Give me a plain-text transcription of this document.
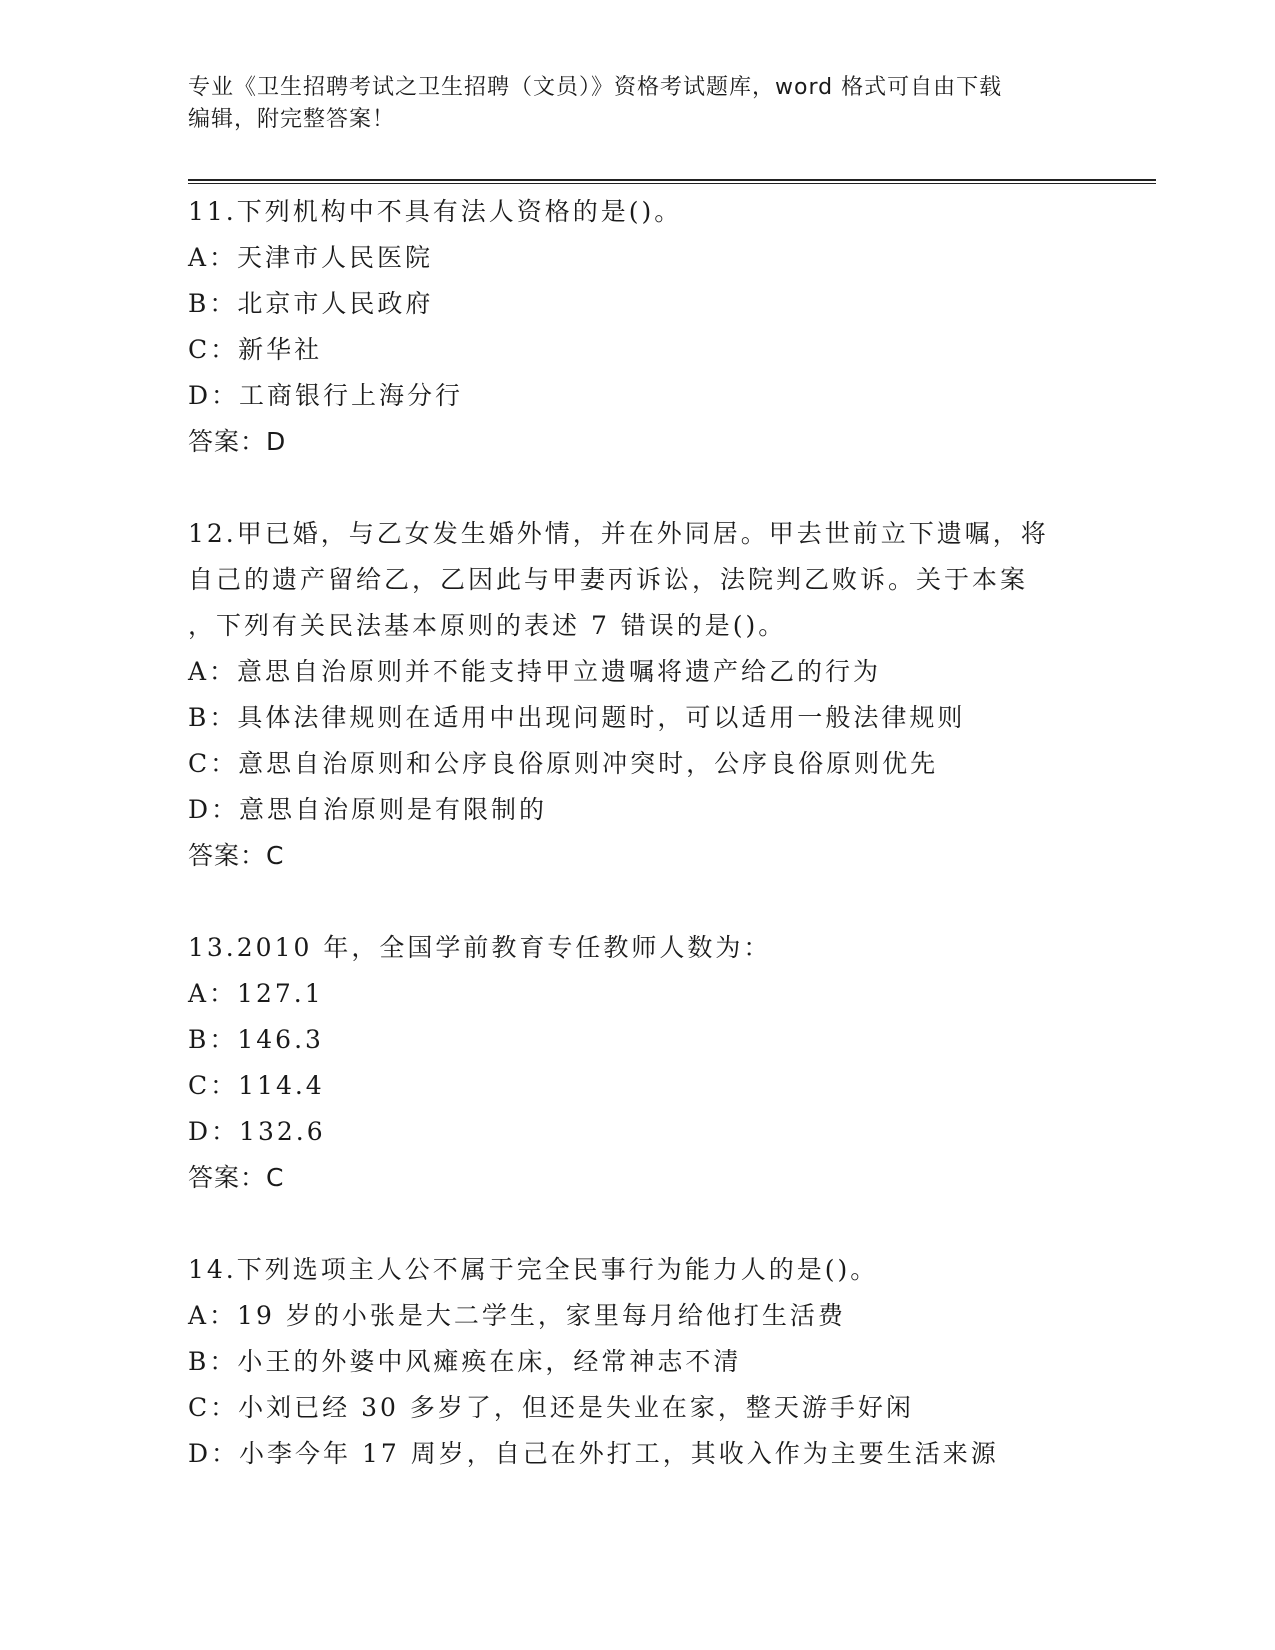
专业《卫生招聘考试之卫生招聘（文员）》资格考试题库，word 格式可自由下载
编辑，附完整答案！
11.下列机构中不具有法人资格的是()。
A：天津市人民医院
B：北京市人民政府
C：新华社
D：工商银行上海分行
答案：D
12.甲已婚，与乙女发生婚外情，并在外同居。甲去世前立下遗嘱，将
自己的遗产留给乙，乙因此与甲妻丙诉讼，法院判乙败诉。关于本案
，下列有关民法基本原则的表述 7 错误的是()。
A：意思自治原则并不能支持甲立遗嘱将遗产给乙的行为
B：具体法律规则在适用中出现问题时，可以适用一般法律规则
C：意思自治原则和公序良俗原则冲突时，公序良俗原则优先
D：意思自治原则是有限制的
答案：C
13.2010 年，全国学前教育专任教师人数为：
A：127.1
B：146.3
C：114.4
D：132.6
答案：C
14.下列选项主人公不属于完全民事行为能力人的是()。
A：19 岁的小张是大二学生，家里每月给他打生活费
B：小王的外婆中风瘫痪在床，经常神志不清
C：小刘已经 30 多岁了，但还是失业在家，整天游手好闲
D：小李今年 17 周岁，自己在外打工，其收入作为主要生活来源
